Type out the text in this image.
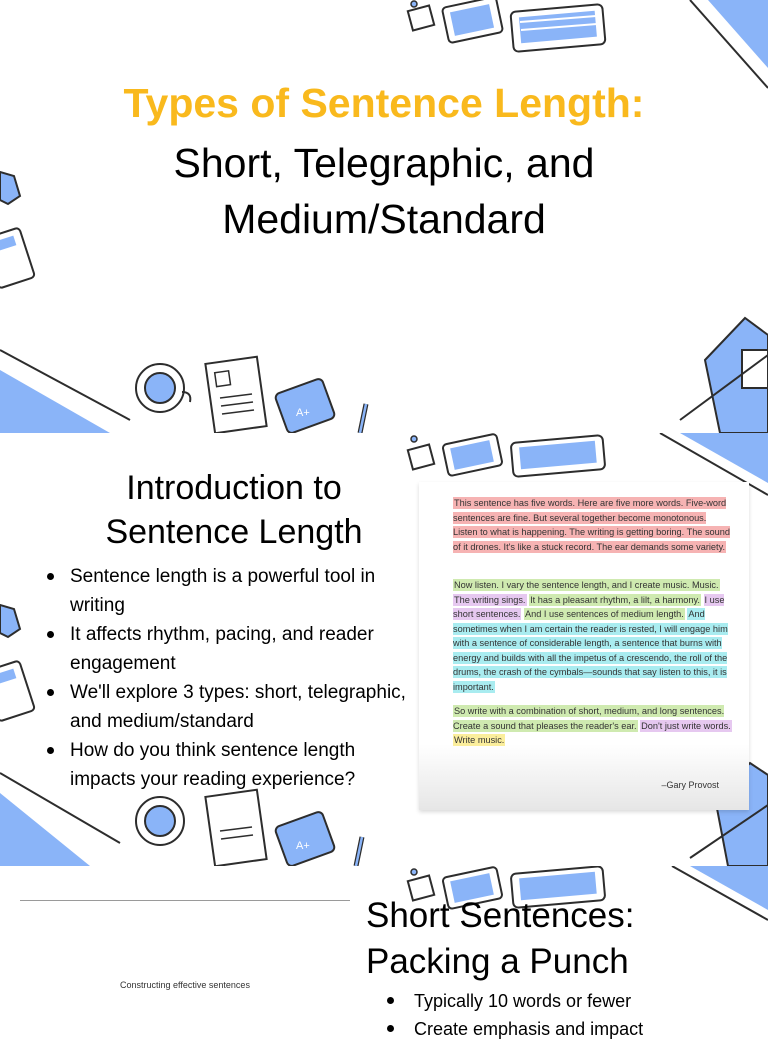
A+
Types of Sentence Length:
Short, Telegraphic, and
Medium/Standard
A+
Introduction to Sentence Length
Sentence length is a powerful tool in writing
It affects rhythm, pacing, and reader engagement
We'll explore 3 types: short, telegraphic, and medium/standard
How do you think sentence length impacts your reading experience?
This sentence has five words. Here are five more words. Five-word sentences are fine. But several together become monotonous. Listen to what is happening. The writing is getting boring. The sound of it drones. It's like a stuck record. The ear demands some variety.
Now listen. I vary the sentence length, and I create music. Music. The writing sings. It has a pleasant rhythm, a lilt, a harmony. I use short sentences. And I use sentences of medium length. And sometimes when I am certain the reader is rested, I will engage him with a sentence of considerable length, a sentence that burns with energy and builds with all the impetus of a crescendo, the roll of the drums, the crash of the cymbals—sounds that say listen to this, it is important.
So write with a combination of short, medium, and long sentences. Create a sound that pleases the reader's ear. Don't just write words. Write music.
–Gary Provost
Constructing effective sentences
Short Sentences: Packing a Punch
Typically 10 words or fewer
Create emphasis and impact
